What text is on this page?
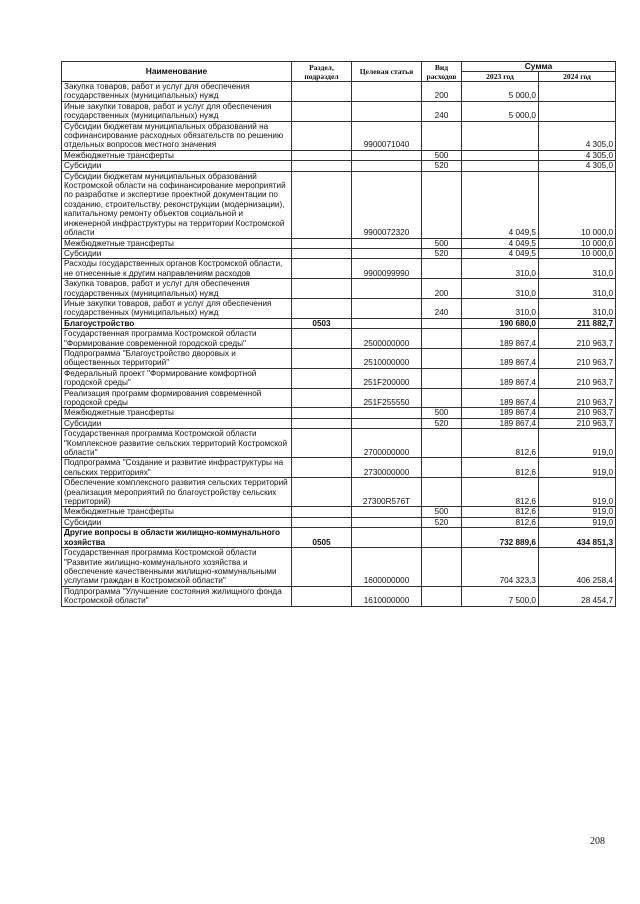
Наименование	Раздел, подраздел	Целевая статья	Вид расходов	Сумма	
				2023 год	2024 год
Закупка товаров, работ и услуг для обеспечения государственных (муниципальных) нужд			200	5 000,0	
Иные закупки товаров, работ и услуг для обеспечения государственных (муниципальных) нужд			240	5 000,0	
Субсидии бюджетам муниципальных образований на софинансирование расходных обязательств по решению отдельных вопросов местного значения		9900071040			4 305,0
Межбюджетные трансферты			500		4 305,0
Субсидии			520		4 305,0
Субсидии бюджетам муниципальных образований Костромской области на софинансирование мероприятий по разработке и экспертизе проектной документации по созданию, строительству, реконструкции (модернизации), капитальному ремонту объектов социальной и инженерной инфраструктуры на территории Костромской области		9900072320		4 049,5	10 000,0
Межбюджетные трансферты			500	4 049,5	10 000,0
Субсидии			520	4 049,5	10 000,0
Расходы государственных органов Костромской области, не отнесенные к другим направлениям расходов		9900099990		310,0	310,0
Закупка товаров, работ и услуг для обеспечения государственных (муниципальных) нужд			200	310,0	310,0
Иные закупки товаров, работ и услуг для обеспечения государственных (муниципальных) нужд			240	310,0	310,0
Благоустройство	0503			190 680,0	211 882,7
Государственная программа Костромской области "Формирование современной городской среды"		2500000000		189 867,4	210 963,7
Подпрограмма "Благоустройство дворовых и общественных территорий"		2510000000		189 867,4	210 963,7
Федеральный проект "Формирование комфортной городской среды"		251F200000		189 867,4	210 963,7
Реализация программ формирования современной городской среды		251F255550		189 867,4	210 963,7
Межбюджетные трансферты			500	189 867,4	210 963,7
Субсидии			520	189 867,4	210 963,7
Государственная программа Костромской области "Комплексное развитие сельских территорий Костромской области"		2700000000		812,6	919,0
Подпрограмма "Создание и развитие инфраструктуры на сельских территориях"		2730000000		812,6	919,0
Обеспечение комплексного развития сельских территорий (реализация мероприятий по благоустройству сельских территорий)		27300R576T		812,6	919,0
Межбюджетные трансферты			500	812,6	919,0
Субсидии			520	812,6	919,0
Другие вопросы в области жилищно-коммунального хозяйства	0505			732 889,6	434 851,3
Государственная программа Костромской области "Развитие жилищно-коммунального хозяйства и обеспечение качественными жилищно-коммунальными услугами граждан в Костромской области"		1600000000		704 323,3	406 258,4
Подпрограмма "Улучшение состояния жилищного фонда Костромской области"		1610000000		7 500,0	28 454,7
208
